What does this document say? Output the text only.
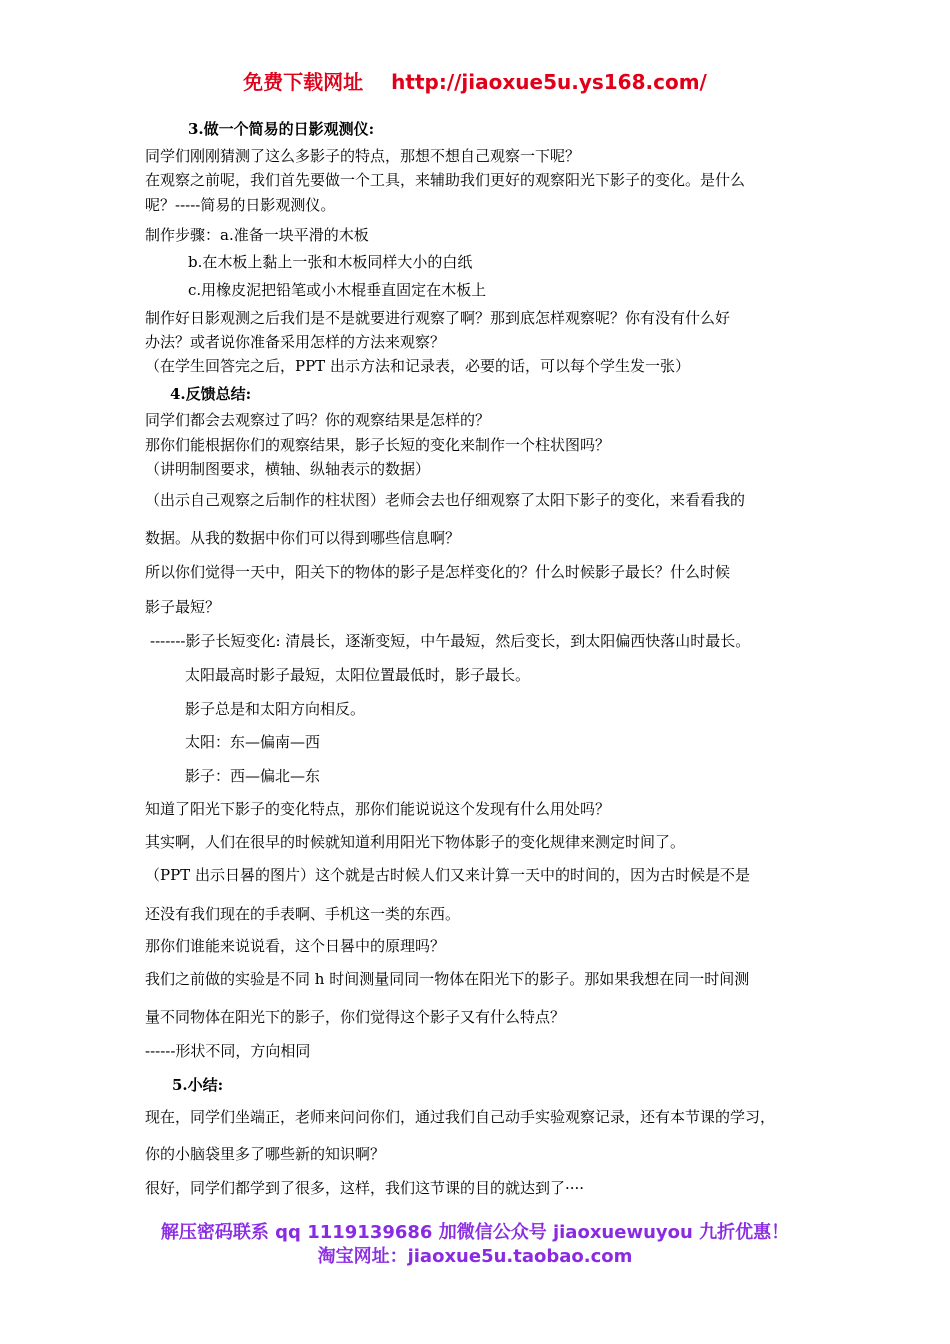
免费下载网址 http://jiaoxue5u.ys168.com/
3.做一个简易的日影观测仪:
同学们刚刚猜测了这么多影子的特点，那想不想自己观察一下呢？
在观察之前呢，我们首先要做一个工具，来辅助我们更好的观察阳光下影子的变化。是什么
呢？-----简易的日影观测仪。
制作步骤：a.准备一块平滑的木板
b.在木板上黏上一张和木板同样大小的白纸
c.用橡皮泥把铅笔或小木棍垂直固定在木板上
制作好日影观测之后我们是不是就要进行观察了啊？那到底怎样观察呢？你有没有什么好
办法？或者说你准备采用怎样的方法来观察？
（在学生回答完之后，PPT 出示方法和记录表，必要的话，可以每个学生发一张）
4.反馈总结:
同学们都会去观察过了吗？你的观察结果是怎样的？
那你们能根据你们的观察结果，影子长短的变化来制作一个柱状图吗？
（讲明制图要求，横轴、纵轴表示的数据）
（出示自己观察之后制作的柱状图）老师会去也仔细观察了太阳下影子的变化，来看看我的
数据。从我的数据中你们可以得到哪些信息啊？
所以你们觉得一天中，阳关下的物体的影子是怎样变化的？什么时候影子最长？什么时候
影子最短？
-------影子长短变化: 清晨长，逐渐变短，中午最短，然后变长，到太阳偏西快落山时最长。
太阳最高时影子最短，太阳位置最低时，影子最长。
影子总是和太阳方向相反。
太阳：东—偏南—西
影子：西—偏北—东
知道了阳光下影子的变化特点，那你们能说说这个发现有什么用处吗？
其实啊，人们在很早的时候就知道利用阳光下物体影子的变化规律来测定时间了。
（PPT 出示日晷的图片）这个就是古时候人们又来计算一天中的时间的，因为古时候是不是
还没有我们现在的手表啊、手机这一类的东西。
那你们谁能来说说看，这个日晷中的原理吗？
我们之前做的实验是不同 h 时间测量同同一物体在阳光下的影子。那如果我想在同一时间测
量不同物体在阳光下的影子，你们觉得这个影子又有什么特点？
------形状不同，方向相同
5.小结:
现在，同学们坐端正，老师来问问你们，通过我们自己动手实验观察记录，还有本节课的学习，
你的小脑袋里多了哪些新的知识啊？
很好，同学们都学到了很多，这样，我们这节课的目的就达到了····
解压密码联系 qq 1119139686 加微信公众号 jiaoxuewuyou 九折优惠！
淘宝网址：jiaoxue5u.taobao.com
